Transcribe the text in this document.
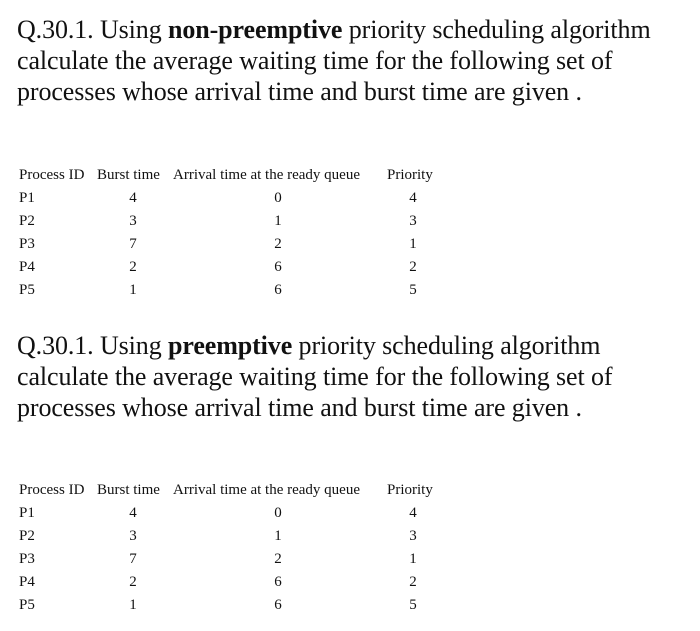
Q.30.1. Using non-preemptive priority scheduling algorithm calculate the average waiting time for the following set of processes whose arrival time and burst time are given .
Process ID	Burst time	Arrival time at the ready queue	Priority
P1	4	0	4
P2	3	1	3
P3	7	2	1
P4	2	6	2
P5	1	6	5
Q.30.1. Using preemptive priority scheduling algorithm calculate the average waiting time for the following set of processes whose arrival time and burst time are given .
Process ID	Burst time	Arrival time at the ready queue	Priority
P1	4	0	4
P2	3	1	3
P3	7	2	1
P4	2	6	2
P5	1	6	5
